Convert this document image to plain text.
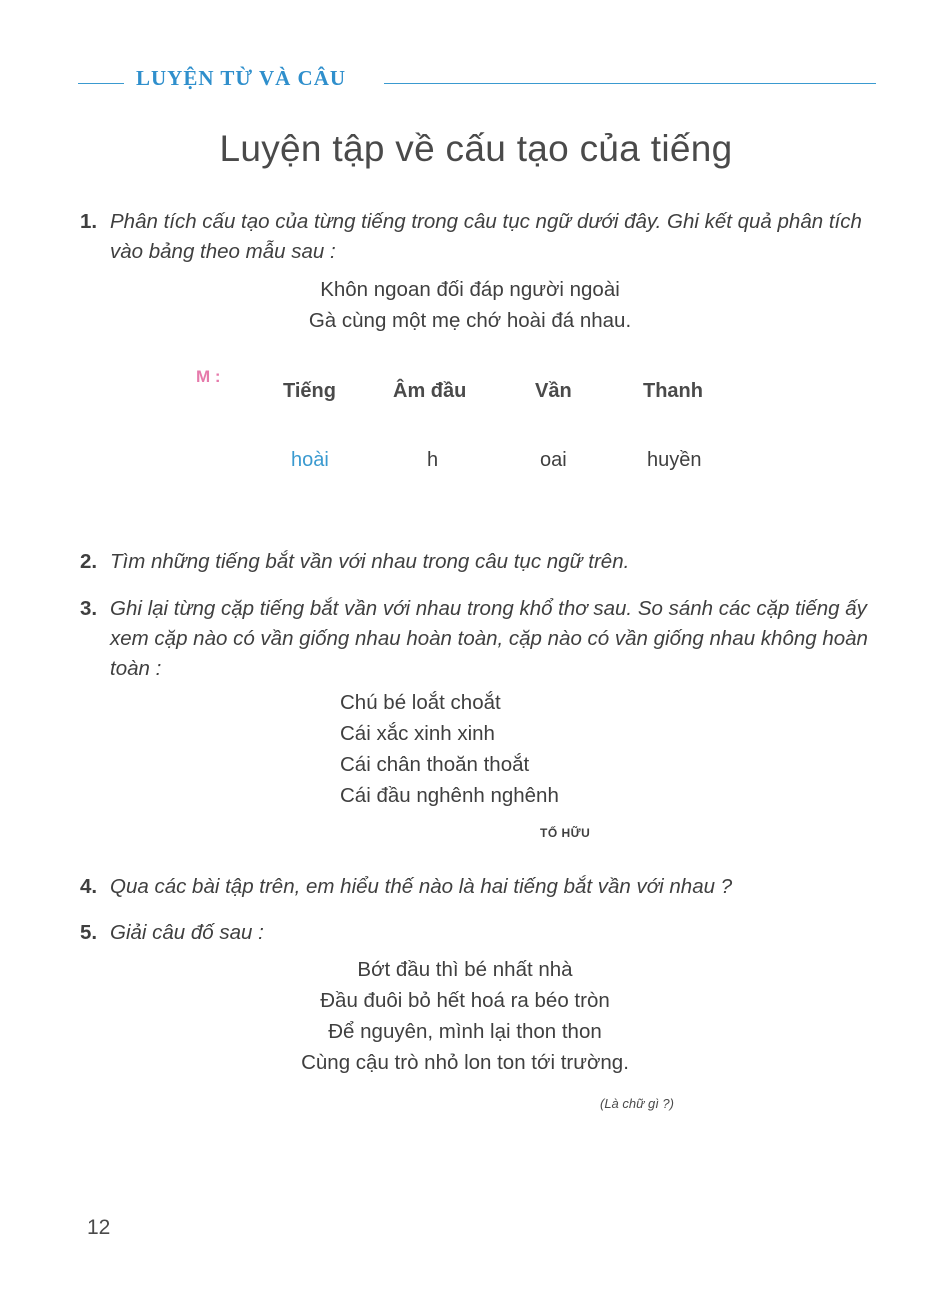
LUYỆN TỪ VÀ CÂU
Luyện tập về cấu tạo của tiếng
1. Phân tích cấu tạo của từng tiếng trong câu tục ngữ dưới đây. Ghi kết quả phân tích vào bảng theo mẫu sau :
Khôn ngoan đối đáp người ngoài
Gà cùng một mẹ chớ hoài đá nhau.
M :
Tiếng	Âm đầu	Vần	Thanh
hoài	h	oai	huyền
2. Tìm những tiếng bắt vần với nhau trong câu tục ngữ trên.
3. Ghi lại từng cặp tiếng bắt vần với nhau trong khổ thơ sau. So sánh các cặp tiếng ấy xem cặp nào có vần giống nhau hoàn toàn, cặp nào có vần giống nhau không hoàn toàn :
Chú bé loắt choắt
Cái xắc xinh xinh
Cái chân thoăn thoắt
Cái đầu nghênh nghênh
TỐ HỮU
4. Qua các bài tập trên, em hiểu thế nào là hai tiếng bắt vần với nhau ?
5. Giải câu đố sau :
Bớt đầu thì bé nhất nhà
Đầu đuôi bỏ hết hoá ra béo tròn
Để nguyên, mình lại thon thon
Cùng cậu trò nhỏ lon ton tới trường.
(Là chữ gì ?)
12
